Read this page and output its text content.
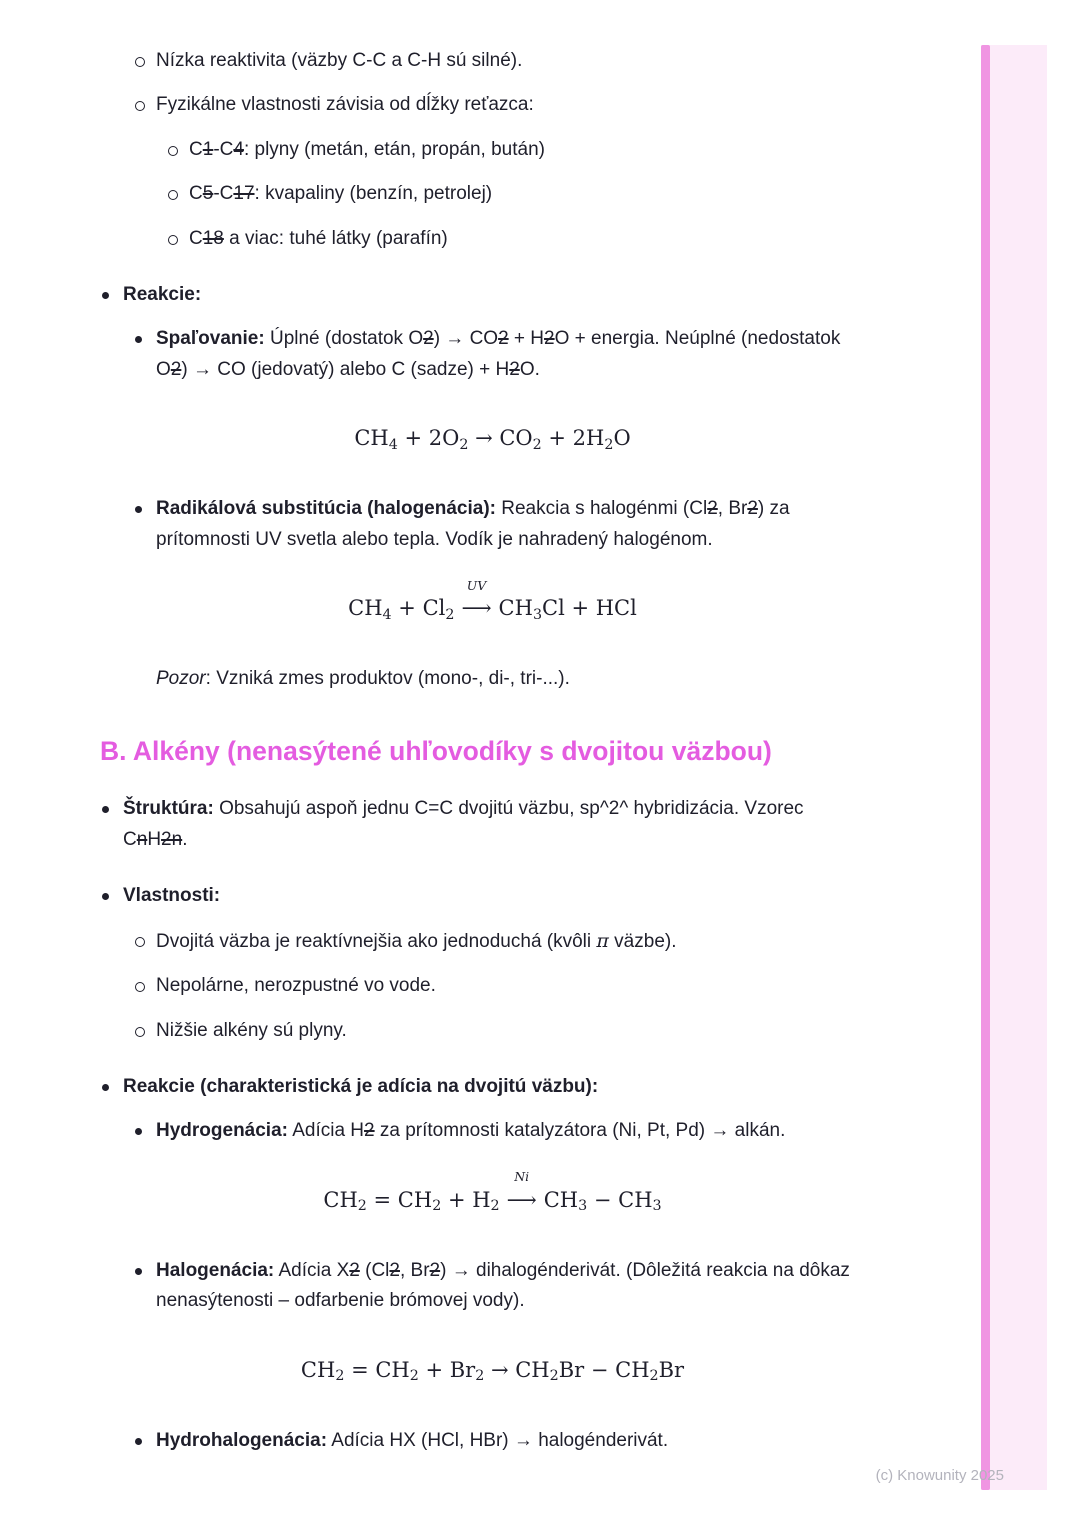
Nízka reaktivita (väzby C-C a C-H sú silné).
Fyzikálne vlastnosti závisia od dĺžky reťazca:
C1-C4: plyny (metán, etán, propán, bután)
C5-C17: kvapaliny (benzín, petrolej)
C18 a viac: tuhé látky (parafín)
Reakcie:
Spaľovanie: Úplné (dostatok O2) → CO2 + H2O + energia. Neúplné (nedostatok O2) → CO (jedovatý) alebo C (sadze) + H2O.
CH4 + 2O2 → CO2 + 2H2O
Radikálová substitúcia (halogenácia): Reakcia s halogénmi (Cl2, Br2) za prítomnosti UV svetla alebo tepla. Vodík je nahradený halogénom.
CH4 + Cl2
UV
⟶ CH3Cl + HCl
Pozor: Vzniká zmes produktov (mono-, di-, tri-...).
B. Alkény (nenasýtené uhľovodíky s dvojitou väzbou)
Štruktúra: Obsahujú aspoň jednu C=C dvojitú väzbu, sp^2^ hybridizácia. Vzorec CnH2n.
Vlastnosti:
Dvojitá väzba je reaktívnejšia ako jednoduchá (kvôli π väzbe).
Nepolárne, nerozpustné vo vode.
Nižšie alkény sú plyny.
Reakcie (charakteristická je adícia na dvojitú väzbu):
Hydrogenácia: Adícia H2 za prítomnosti katalyzátora (Ni, Pt, Pd) → alkán.
CH2 = CH2 + H2
Ni
⟶ CH3 − CH3
Halogenácia: Adícia X2 (Cl2, Br2) → dihalogénderivát. (Dôležitá reakcia na dôkaz nenasýtenosti – odfarbenie brómovej vody).
CH2 = CH2 + Br2 → CH2Br − CH2Br
Hydrohalogenácia: Adícia HX (HCl, HBr) → halogénderivát.
(c) Knowunity 2025
